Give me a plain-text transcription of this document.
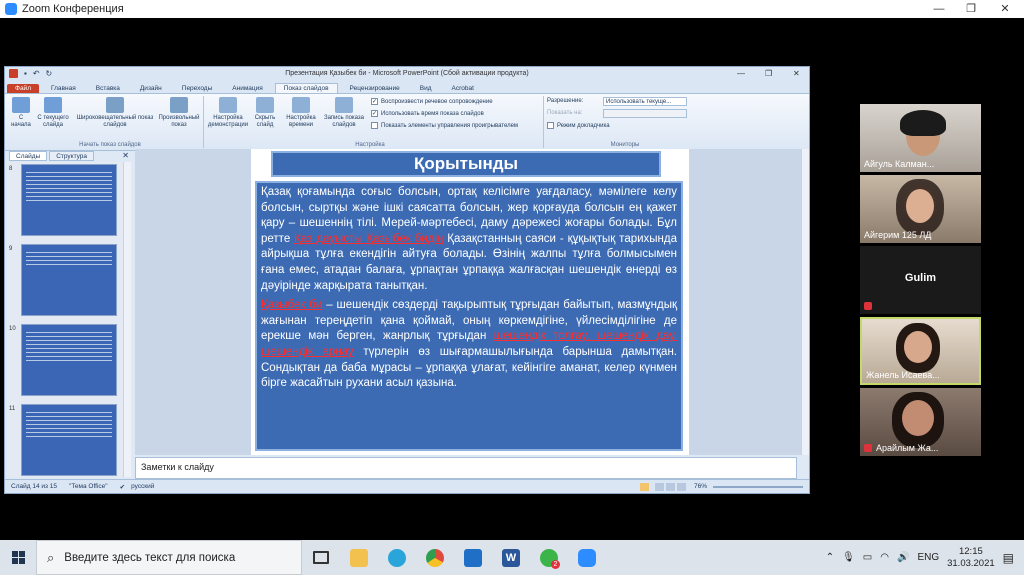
Zoom Конференция	—	❐	✕
▪ ↶ ↻	Презентация Қазыбек би - Microsoft PowerPoint (Сбой активации продукта)	—	❐	✕
Файл	Главная	Вставка	Дизайн	Переходы	Анимация	Показ слайдов	Рецензирование	Вид	Acrobat
С начала
С текущего слайда
Широковещательный показ слайдов
Произвольный показ
Начать показ слайдов
Настройка демонстрации
Скрыть слайд
Настройка времени
Запись показа слайдов
✓ Воспроизвести речевое сопровождение
✓ Использовать время показа слайдов
Показать элементы управления проигрывателем
Настройка
Разрешение:	Использовать текуще...
Показать на:
Режим докладчика
Мониторы
Слайды	Структура	✕
8
9
10
11
Қорытынды

Қазақ қоғамында соғыс болсын, ортақ келісімге уағдаласу, мәмілеге келу болсын, сыртқы және ішкі саясатта болсын, жер қорғауда болсын ең қажет қару – шешеннің тілі. Мерей-мәртебесі, даму дәрежесі жоғары болады. Бұл ретте Қаз дауысты Қазыбек бидің Қазақстанның саяси - құқықтық тарихында айрықша тұлға екендігін айтуға болады. Өзінің жалпы тұлға болмысымен ғана емес, атадан балаға, ұрпақтан ұрпаққа жалғасқан шешендік өнерді өз дәуірінде жарқырата танытқан.

Қазыбек би – шешендік сөздерді тақырыптық тұрғыдан байытып, мазмұндық жағынан тереңдетіп қана қоймай, оның көркемдігіне, үйлесімділігіне де ерекше мән берген, жанрлық тұрғыдан шешендік толғау, шешендік дау, шешендік арнау түрлерін өз шығармашылығында барынша дамытқан. Сондықтан да баба мұрасы – ұрпаққа ұлағат, кейінгіге аманат, келер күнмен бірге жасайтын рухани асыл қазына.

Заметки к слайду
Слайд 14 из 15 "Тема Office" ✔ русский	76%
Айгуль Калман...
Айгерим 125 ЛД
Gulim
Жанель Исаева...
Арайлым Жа...
⌕ Введите здесь текст для поиска	W
2
⌃ 🎙 ▭ ◠ 🔊 ENG
12:15
31.03.2021 ▤
